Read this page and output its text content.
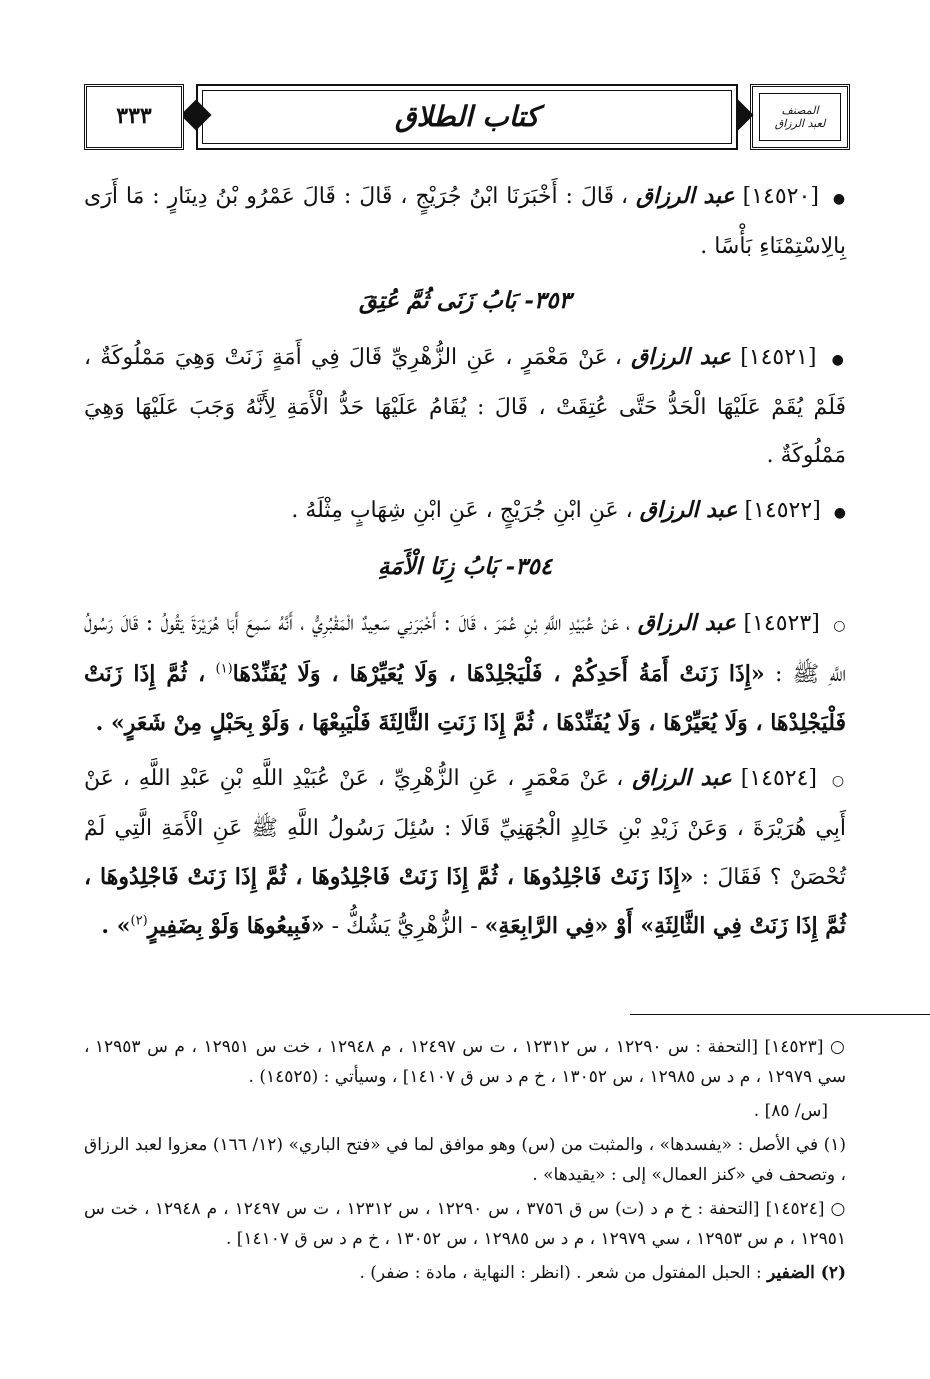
المصنف
لعبد الرزاق
كتاب الطلاق
٣٣٣

● [١٤٥٢٠] عبد الرزاق ، قَالَ : أَخْبَرَنَا ابْنُ جُرَيْجٍ ، قَالَ : قَالَ عَمْرُو بْنُ دِينَارٍ : مَا أَرَى بِالِاسْتِمْنَاءِ بَأْسًا .

٣٥٣- بَابُ زَنَى ثُمَّ عُتِقَ

● [١٤٥٢١] عبد الرزاق ، عَنْ مَعْمَرٍ ، عَنِ الزُّهْرِيِّ قَالَ فِي أَمَةٍ زَنَتْ وَهِيَ مَمْلُوكَةٌ ، فَلَمْ يُقَمْ عَلَيْهَا الْحَدُّ حَتَّى عُتِقَتْ ، قَالَ : يُقَامُ عَلَيْهَا حَدُّ الْأَمَةِ لِأَنَّهُ وَجَبَ عَلَيْهَا وَهِيَ مَمْلُوكَةٌ .

● [١٤٥٢٢] عبد الرزاق ، عَنِ ابْنِ جُرَيْجٍ ، عَنِ ابْنِ شِهَابٍ مِثْلَهُ .

٣٥٤- بَابُ زِنَا الْأَمَةِ

○ [١٤٥٢٣] عبد الرزاق ، عَنْ عُبَيْدِ اللَّهِ بْنِ عُمَرَ ، قَالَ : أَخْبَرَنِي سَعِيدٌ الْمَقْبُرِيُّ ، أَنَّهُ سَمِعَ أَبَا هُرَيْرَةَ يَقُولُ : قَالَ رَسُولُ اللَّهِ ﷺ : «إِذَا زَنَتْ أَمَةُ أَحَدِكُمْ ، فَلْيَجْلِدْهَا ، وَلَا يُعَيِّرْهَا ، وَلَا يُفَنِّدْهَا$^{(١)}$ ، ثُمَّ إِذَا زَنَتْ فَلْيَجْلِدْهَا ، وَلَا يُعَيِّرْهَا ، وَلَا يُفَنِّدْهَا ، ثُمَّ إِذَا زَنَتِ الثَّالِثَةَ فَلْيَبِعْهَا ، وَلَوْ بِحَبْلٍ مِنْ شَعَرٍ» .

○ [١٤٥٢٤] عبد الرزاق ، عَنْ مَعْمَرٍ ، عَنِ الزُّهْرِيِّ ، عَنْ عُبَيْدِ اللَّهِ بْنِ عَبْدِ اللَّهِ ، عَنْ أَبِي هُرَيْرَةَ ، وَعَنْ زَيْدِ بْنِ خَالِدٍ الْجُهَنِيِّ قَالَا : سُئِلَ رَسُولُ اللَّهِ ﷺ عَنِ الْأَمَةِ الَّتِي لَمْ تُحْصَنْ ؟ فَقَالَ : «إِذَا زَنَتْ فَاجْلِدُوهَا ، ثُمَّ إِذَا زَنَتْ فَاجْلِدُوهَا ، ثُمَّ إِذَا زَنَتْ فَاجْلِدُوهَا ، ثُمَّ إِذَا زَنَتْ فِي الثَّالِثَةِ» أَوْ «فِي الرَّابِعَةِ» - الزُّهْرِيُّ يَشُكُّ - «فَبِيعُوهَا وَلَوْ بِضَفِيرٍ$^{(٢)}$» .

○ [١٤٥٢٣] [التحفة : س ١٢٢٩٠ ، س ١٢٣١٢ ، ت س ١٢٤٩٧ ، م ١٢٩٤٨ ، خت س ١٢٩٥١ ، م س ١٢٩٥٣ ، سي ١٢٩٧٩ ، م د س ١٢٩٨٥ ، س ١٣٠٥٢ ، خ م د س ق ١٤١٠٧] ، وسيأتي : (١٤٥٢٥) .

[س/ ٨٥] .

(١) في الأصل : «يفسدها» ، والمثبت من (س) وهو موافق لما في «فتح الباري» (١٢/ ١٦٦) معزوا لعبد الرزاق ، وتصحف في «كنز العمال» إلى : «يقيدها» .

○ [١٤٥٢٤] [التحفة : خ م د (ت) س ق ٣٧٥٦ ، س ١٢٢٩٠ ، س ١٢٣١٢ ، ت س ١٢٤٩٧ ، م ١٢٩٤٨ ، خت س ١٢٩٥١ ، م س ١٢٩٥٣ ، سي ١٢٩٧٩ ، م د س ١٢٩٨٥ ، س ١٣٠٥٢ ، خ م د س ق ١٤١٠٧] .

(٢) الضفير : الحبل المفتول من شعر . (انظر : النهاية ، مادة : ضفر) .
